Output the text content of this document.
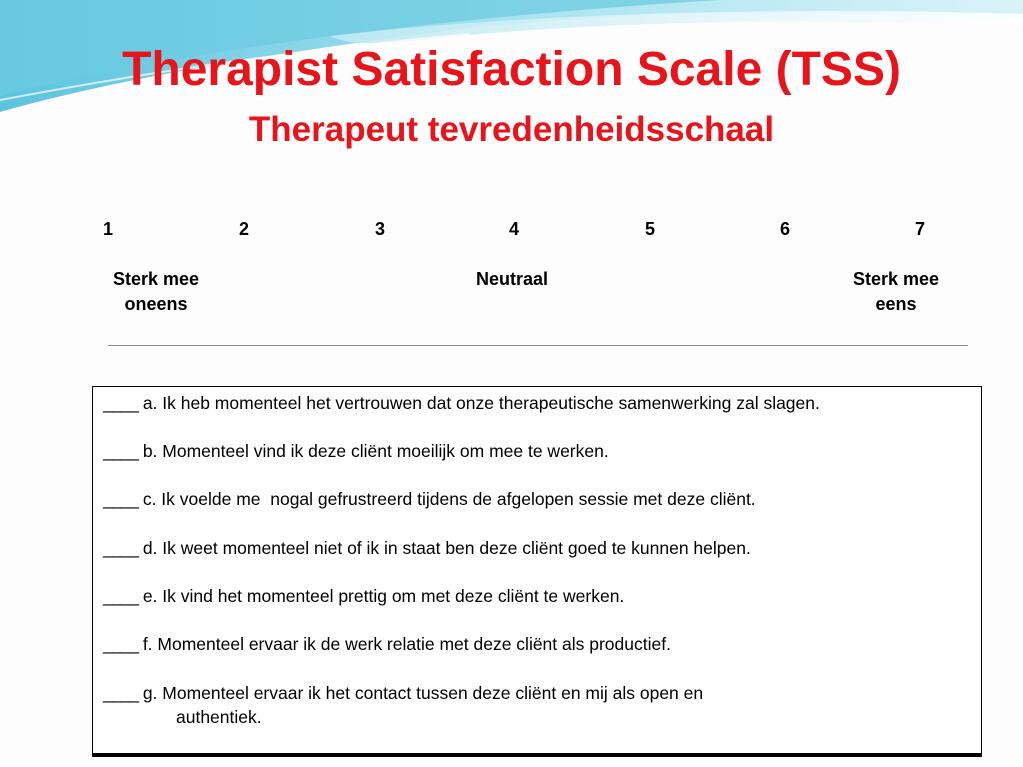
Therapist Satisfaction Scale (TSS)
Therapeut tevredenheidsschaal
1	2	3	4	5	6	7
Sterk mee
oneens
Neutraal	Sterk mee
eens
____ a. Ik heb momenteel het vertrouwen dat onze therapeutische samenwerking zal slagen.
____ b. Momenteel vind ik deze cliënt moeilijk om mee te werken.
____ c. Ik voelde me  nogal gefrustreerd tijdens de afgelopen sessie met deze cliënt.
____ d. Ik weet momenteel niet of ik in staat ben deze cliënt goed te kunnen helpen.
____ e. Ik vind het momenteel prettig om met deze cliënt te werken.
____ f. Momenteel ervaar ik de werk relatie met deze cliënt als productief.
____ g. Momenteel ervaar ik het contact tussen deze cliënt en mij als open en
authentiek.
